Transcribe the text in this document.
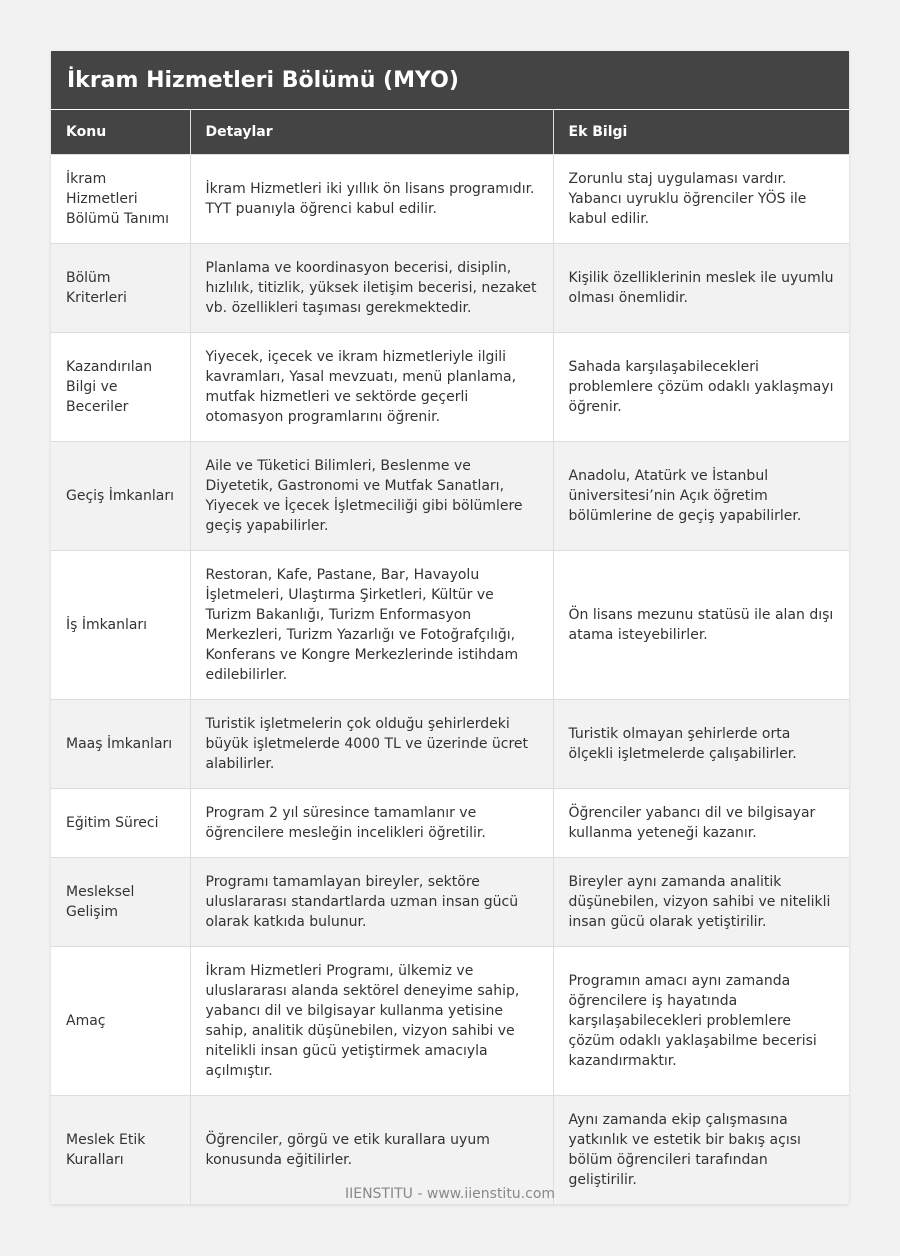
İkram Hizmetleri Bölümü (MYO)
Konu	Detaylar	Ek Bilgi
İkram Hizmetleri Bölümü Tanımı	İkram Hizmetleri iki yıllık ön lisans programıdır. TYT puanıyla öğrenci kabul edilir.	Zorunlu staj uygulaması vardır. Yabancı uyruklu öğrenciler YÖS ile kabul edilir.
Bölüm Kriterleri	Planlama ve koordinasyon becerisi, disiplin, hızlılık, titizlik, yüksek iletişim becerisi, nezaket vb. özellikleri taşıması gerekmektedir.	Kişilik özelliklerinin meslek ile uyumlu olması önemlidir.
Kazandırılan Bilgi ve Beceriler	Yiyecek, içecek ve ikram hizmetleriyle ilgili kavramları, Yasal mevzuatı, menü planlama, mutfak hizmetleri ve sektörde geçerli otomasyon programlarını öğrenir.	Sahada karşılaşabilecekleri problemlere çözüm odaklı yaklaşmayı öğrenir.
Geçiş İmkanları	Aile ve Tüketici Bilimleri, Beslenme ve Diyetetik, Gastronomi ve Mutfak Sanatları, Yiyecek ve İçecek İşletmeciliği gibi bölümlere geçiş yapabilirler.	Anadolu, Atatürk ve İstanbul üniversitesi’nin Açık öğretim bölümlerine de geçiş yapabilirler.
İş İmkanları	Restoran, Kafe, Pastane, Bar, Havayolu İşletmeleri, Ulaştırma Şirketleri, Kültür ve Turizm Bakanlığı, Turizm Enformasyon Merkezleri, Turizm Yazarlığı ve Fotoğrafçılığı, Konferans ve Kongre Merkezlerinde istihdam edilebilirler.	Ön lisans mezunu statüsü ile alan dışı atama isteyebilirler.
Maaş İmkanları	Turistik işletmelerin çok olduğu şehirlerdeki büyük işletmelerde 4000 TL ve üzerinde ücret alabilirler.	Turistik olmayan şehirlerde orta ölçekli işletmelerde çalışabilirler.
Eğitim Süreci	Program 2 yıl süresince tamamlanır ve öğrencilere mesleğin incelikleri öğretilir.	Öğrenciler yabancı dil ve bilgisayar kullanma yeteneği kazanır.
Mesleksel Gelişim	Programı tamamlayan bireyler, sektöre uluslararası standartlarda uzman insan gücü olarak katkıda bulunur.	Bireyler aynı zamanda analitik düşünebilen, vizyon sahibi ve nitelikli insan gücü olarak yetiştirilir.
Amaç	İkram Hizmetleri Programı, ülkemiz ve uluslararası alanda sektörel deneyime sahip, yabancı dil ve bilgisayar kullanma yetisine sahip, analitik düşünebilen, vizyon sahibi ve nitelikli insan gücü yetiştirmek amacıyla açılmıştır.	Programın amacı aynı zamanda öğrencilere iş hayatında karşılaşabilecekleri problemlere çözüm odaklı yaklaşabilme becerisi kazandırmaktır.
Meslek Etik Kuralları	Öğrenciler, görgü ve etik kurallara uyum konusunda eğitilirler.	Aynı zamanda ekip çalışmasına yatkınlık ve estetik bir bakış açısı bölüm öğrencileri tarafından geliştirilir.
IIENSTITU - www.iienstitu.com
